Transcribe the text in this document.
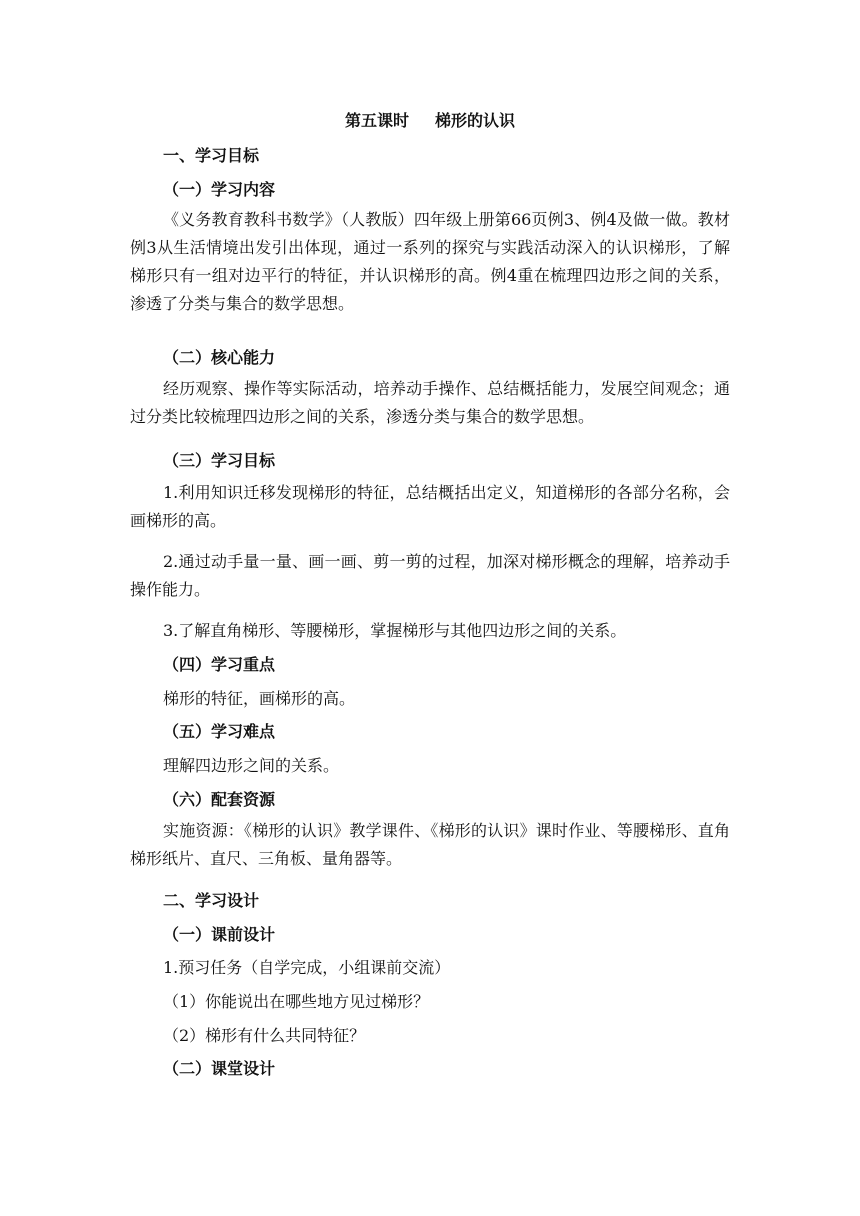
第五课时 梯形的认识
一、学习目标
（一）学习内容
《义务教育教科书数学》（人教版）四年级上册第66页例3、例4及做一做。教材例3从生活情境出发引出体现，通过一系列的探究与实践活动深入的认识梯形，了解梯形只有一组对边平行的特征，并认识梯形的高。例4重在梳理四边形之间的关系，渗透了分类与集合的数学思想。
（二）核心能力
经历观察、操作等实际活动，培养动手操作、总结概括能力，发展空间观念；通过分类比较梳理四边形之间的关系，渗透分类与集合的数学思想。
（三）学习目标
1.利用知识迁移发现梯形的特征，总结概括出定义，知道梯形的各部分名称，会画梯形的高。
2.通过动手量一量、画一画、剪一剪的过程，加深对梯形概念的理解，培养动手操作能力。
3.了解直角梯形、等腰梯形，掌握梯形与其他四边形之间的关系。
（四）学习重点
梯形的特征，画梯形的高。
（五）学习难点
理解四边形之间的关系。
（六）配套资源
实施资源：《梯形的认识》教学课件、《梯形的认识》课时作业、等腰梯形、直角梯形纸片、直尺、三角板、量角器等。
二、学习设计
（一）课前设计
1.预习任务（自学完成，小组课前交流）
（1）你能说出在哪些地方见过梯形？
（2）梯形有什么共同特征？
（二）课堂设计
